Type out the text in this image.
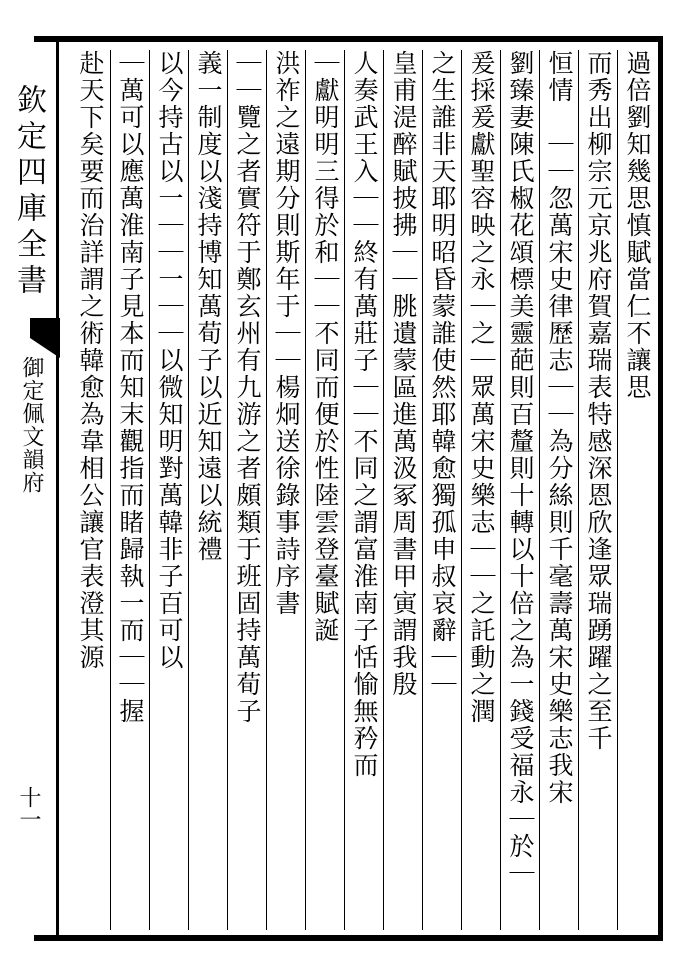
欽定四庫全書
御定佩文韻府
十一
過倍劉知幾思慎賦當仁不讓思
而秀出柳宗元京兆府賀嘉瑞表特感深恩欣逢眾瑞踴躍之至千
恒情　｜｜忽萬宋史律歷志｜｜為分絲則千毫壽萬宋史樂志我宋
劉臻妻陳氏椒花頌標美靈葩則百釐則十轉以十倍之為一錢受福永｜於｜
爰採爰獻聖容映之永｜之｜眾萬宋史樂志｜｜之託動之潤
之生誰非天耶明昭昏蒙誰使然耶韓愈獨孤申叔哀辭｜｜
皇甫湜醉賦披拂｜｜朓遺蒙區進萬汲冢周書甲寅謂我殷
人奏武王入｜｜終有萬莊子｜｜不同之謂富淮南子恬愉無矜而
｜獻明明三得於和｜｜不同而便於性陸雲登臺賦誕
洪祚之遠期分則斯年于｜｜楊炯送徐錄事詩序書
｜｜覽之者實符于鄭玄州有九游之者頗類于班固持萬荀子
義一制度以淺持博知萬荀子以近知遠以統禮
以今持古以一｜｜一｜｜以微知明對萬韓非子百可以
｜萬可以應萬淮南子見本而知末觀指而睹歸執一而｜｜握
赴天下矣要而治詳謂之術韓愈為韋相公讓官表澄其源
